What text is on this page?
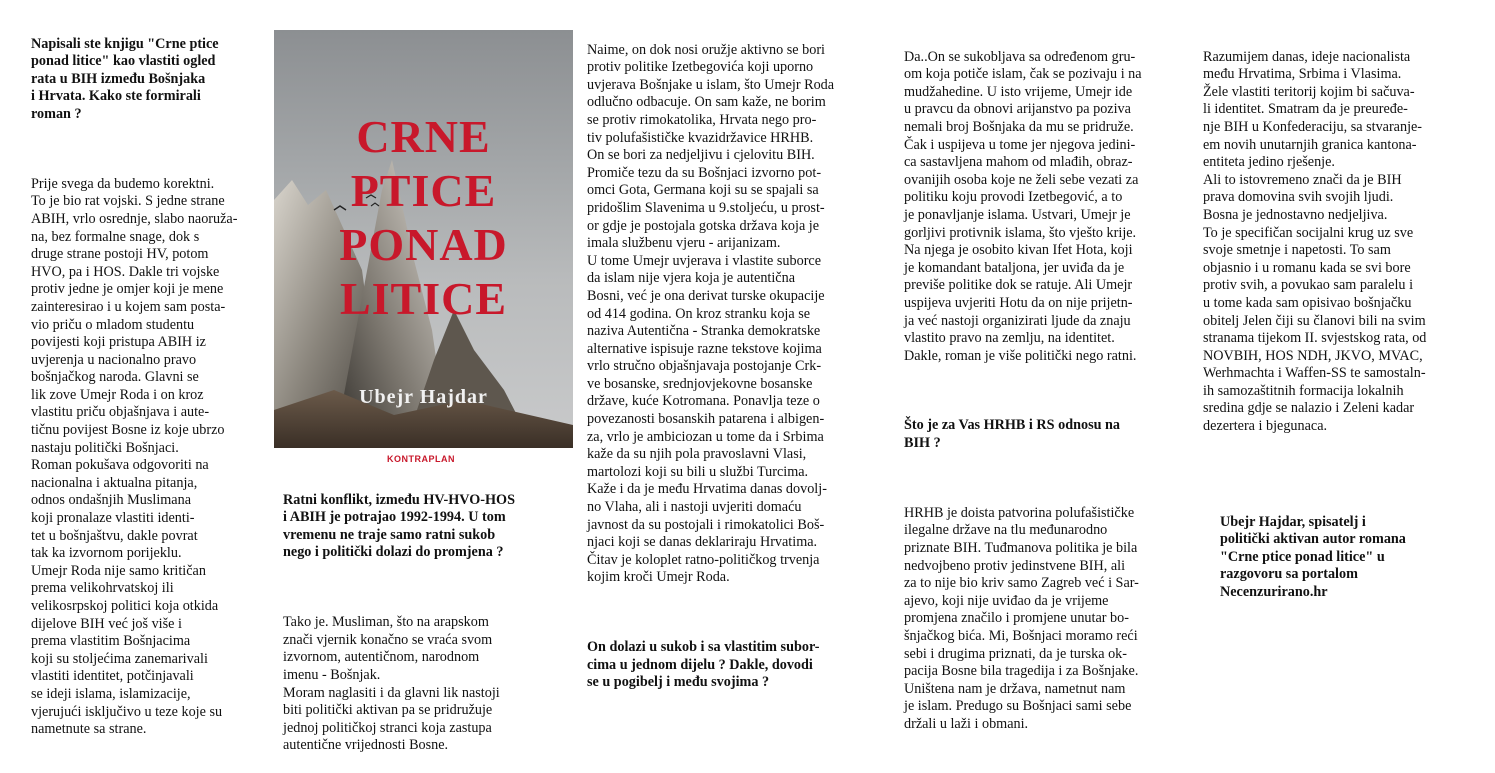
Napisali ste knjigu "Crne ptice
ponad litice" kao vlastiti ogled
rata u BIH između Bošnjaka
i Hrvata. Kako ste formirali
roman ?

Prije svega da budemo korektni.
To je bio rat vojski. S jedne strane
ABIH, vrlo osrednje, slabo naoruža-
na, bez formalne snage, dok s
druge strane postoji HV, potom
HVO, pa i HOS. Dakle tri vojske
protiv jedne je omjer koji je mene
zainteresirao i u kojem sam posta-
vio priču o mladom studentu
povijesti koji pristupa ABIH iz
uvjerenja u nacionalno pravo
bošnjačkog naroda. Glavni se
lik zove Umejr Roda i on kroz
vlastitu priču objašnjava i aute-
tičnu povijest Bosne iz koje ubrzo
nastaju politički Bošnjaci.
Roman pokušava odgovoriti na
nacionalna i aktualna pitanja,
odnos ondašnjih Muslimana
koji pronalaze vlastiti identi-
tet u bošnjaštvu, dakle povrat
tak ka izvornom porijeklu.
Umejr Roda nije samo kritičan
prema velikohrvatskoj ili
velikosrpskoj politici koja otkida
dijelove BIH već još više i
prema vlastitim Bošnjacima
koji su stoljećima zanemarivali
vlastiti identitet, potčinjavali
se ideji islama, islamizacije,
vjerujući isključivo u teze koje su
nametnute sa strane.

CRNE
PTICE
PONAD
LITICE
Ubejr Hajdar
KONTRAPLAN

Ratni konflikt, između HV-HVO-HOS
i ABIH je potrajao 1992-1994. U tom
vremenu ne traje samo ratni sukob
nego i politički dolazi do promjena ?

Tako je. Musliman, što na arapskom
znači vjernik konačno se vraća svom
izvornom, autentičnom, narodnom
imenu - Bošnjak.
Moram naglasiti i da glavni lik nastoji
biti politički aktivan pa se pridružuje
jednoj političkoj stranci koja zastupa
autentične vrijednosti Bosne.

Naime, on dok nosi oružje aktivno se bori
protiv politike Izetbegovića koji uporno
uvjerava Bošnjake u islam, što Umejr Roda
odlučno odbacuje. On sam kaže, ne borim
se protiv rimokatolika, Hrvata nego pro-
tiv polufašističke kvazidržavice HRHB.
On se bori za nedjeljivu i cjelovitu BIH.
Promiče tezu da su Bošnjaci izvorno pot-
omci Gota, Germana koji su se spajali sa
pridošlim Slavenima u 9.stoljeću, u prost-
or gdje je postojala gotska država koja je
imala službenu vjeru - arijanizam.
U tome Umejr uvjerava i vlastite suborce
da islam nije vjera koja je autentična
Bosni, već je ona derivat turske okupacije
od 414 godina. On kroz stranku koja se
naziva Autentična - Stranka demokratske
alternative ispisuje razne tekstove kojima
vrlo stručno objašnjavaja postojanje Crk-
ve bosanske, srednjovjekovne bosanske
države, kuće Kotromana. Ponavlja teze o
povezanosti bosanskih patarena i albigen-
za, vrlo je ambiciozan u tome da i Srbima
kaže da su njih pola pravoslavni Vlasi,
martolozi koji su bili u službi Turcima.
Kaže i da je među Hrvatima danas dovolj-
no Vlaha, ali i nastoji uvjeriti domaću
javnost da su postojali i rimokatolici Boš-
njaci koji se danas deklariraju Hrvatima.
Čitav je koloplet ratno-političkog trvenja
kojim kroči Umejr Roda.

On dolazi u sukob i sa vlastitim subor-
cima u jednom dijelu ? Dakle, dovodi
se u pogibelj i među svojima ?

Da..On se sukobljava sa određenom gru-
om koja potiče islam, čak se pozivaju i na
mudžahedine. U isto vrijeme, Umejr ide
u pravcu da obnovi arijanstvo pa poziva
nemali broj Bošnjaka da mu se pridruže.
Čak i uspijeva u tome jer njegova jedini-
ca sastavljena mahom od mlađih, obraz-
ovanijih osoba koje ne želi sebe vezati za
politiku koju provodi Izetbegović, a to
je ponavljanje islama. Ustvari, Umejr je
gorljivi protivnik islama, što vješto krije.
Na njega je osobito kivan Ifet Hota, koji
je komandant bataljona, jer uviđa da je
previše politike dok se ratuje. Ali Umejr
uspijeva uvjeriti Hotu da on nije prijetn-
ja već nastoji organizirati ljude da znaju
vlastito pravo na zemlju, na identitet.
Dakle, roman je više politički nego ratni.

Što je za Vas HRHB i RS odnosu na
BIH ?

HRHB je doista patvorina polufašističke
ilegalne države na tlu međunarodno
priznate BIH. Tuđmanova politika je bila
nedvojbeno protiv jedinstvene BIH, ali
za to nije bio kriv samo Zagreb već i Sar-
ajevo, koji nije uviđao da je vrijeme
promjena značilo i promjene unutar bo-
šnjačkog bića. Mi, Bošnjaci moramo reći
sebi i drugima priznati, da je turska ok-
pacija Bosne bila tragedija i za Bošnjake.
Uništena nam je država, nametnut nam
je islam. Predugo su Bošnjaci sami sebe
držali u laži i obmani.

Razumijem danas, ideje nacionalista
među Hrvatima, Srbima i Vlasima.
Žele vlastiti teritorij kojim bi sačuva-
li identitet. Smatram da je preuređe-
nje BIH u Konfederaciju, sa stvaranje-
em novih unutarnjih granica kantona-
entiteta jedino rješenje.
Ali to istovremeno znači da je BIH
prava domovina svih svojih ljudi.
Bosna je jednostavno nedjeljiva.
To je specifičan socijalni krug uz sve
svoje smetnje i napetosti. To sam
objasnio i u romanu kada se svi bore
protiv svih, a povukao sam paralelu i
u tome kada sam opisivao bošnjačku
obitelj Jelen čiji su članovi bili na svim
stranama tijekom II. svjestskog rata, od
NOVBIH, HOS NDH, JKVO, MVAC,
Werhmachta i Waffen-SS te samostaln-
ih samozaštitnih formacija lokalnih
sredina gdje se nalazio i Zeleni kadar
dezertera i bjegunaca.

Ubejr Hajdar, spisatelj i
politički aktivan autor romana
"Crne ptice ponad litice" u
razgovoru sa portalom
Necenzurirano.hr
